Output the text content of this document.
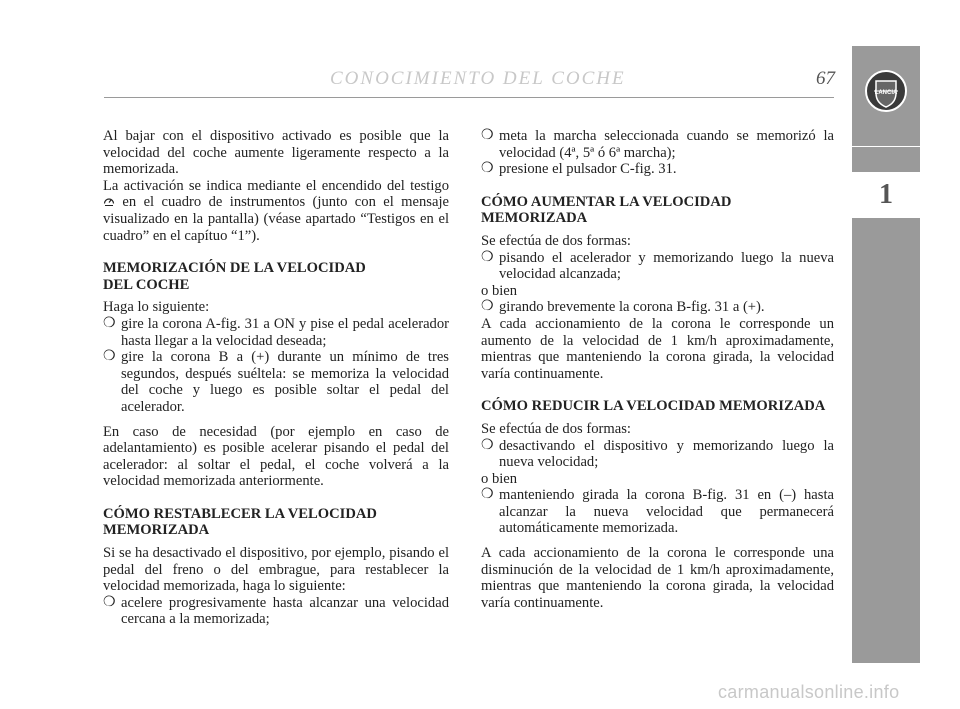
CONOCIMIENTO DEL COCHE	67
LANCIA
1

Al bajar con el dispositivo activado es posible que la velocidad del coche aumente ligeramente respecto a la memorizada.

La activación se indica mediante el encendido del testigo  en el cuadro de instrumentos (junto con el mensaje visualizado en la pantalla) (véase apartado “Testigos en el cuadro” en el capítuo “1”).

MEMORIZACIÓN DE LA VELOCIDAD
DEL COCHE

Haga lo siguiente:

❍ gire la corona A-fig. 31 a ON y pise el pedal acelerador hasta llegar a la velocidad deseada;
❍ gire la corona B a (+) durante un mínimo de tres segundos, después suéltela: se memoriza la velocidad del coche y luego es posible soltar el pedal del acelerador.

En caso de necesidad (por ejemplo en caso de adelantamiento) es posible acelerar pisando el pedal del acelerador: al soltar el pedal, el coche volverá a la velocidad memorizada anteriormente.

CÓMO RESTABLECER LA VELOCIDAD
MEMORIZADA

Si se ha desactivado el dispositivo, por ejemplo, pisando el pedal del freno o del embrague, para restablecer la velocidad memorizada, haga lo siguiente:

❍ acelere progresivamente hasta alcanzar una velocidad cercana a la memorizada;
❍ meta la marcha seleccionada cuando se memorizó la velocidad (4ª, 5ª ó 6ª marcha);
❍ presione el pulsador C-fig. 31.
CÓMO AUMENTAR LA VELOCIDAD
MEMORIZADA

Se efectúa de dos formas:

❍ pisando el acelerador y memorizando luego la nueva velocidad alcanzada;

o bien

❍ girando brevemente la corona B-fig. 31 a (+).

A cada accionamiento de la corona le corresponde un aumento de la velocidad de 1 km/h aproximadamente, mientras que manteniendo la corona girada, la velocidad varía continuamente.

CÓMO REDUCIR LA VELOCIDAD MEMORIZADA

Se efectúa de dos formas:

❍ desactivando el dispositivo y memorizando luego la nueva velocidad;

o bien

❍ manteniendo girada la corona B-fig. 31 en (–) hasta alcanzar la nueva velocidad que permanecerá automáticamente memorizada.

A cada accionamiento de la corona le corresponde una disminución de la velocidad de 1 km/h aproximadamente, mientras que manteniendo la corona girada, la velocidad varía continuamente.

carmanualsonline.info
